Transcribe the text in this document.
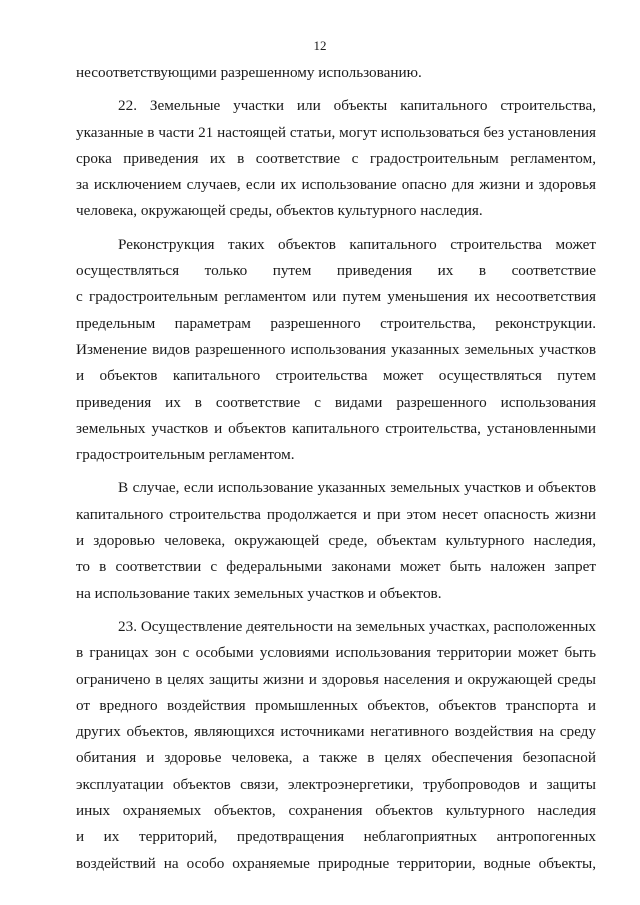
12
несоответствующими разрешенному использованию.
22. Земельные участки или объекты капитального строительства,
указанные в части 21 настоящей статьи, могут использоваться без установления
срока приведения их в соответствие с градостроительным регламентом,
за исключением случаев, если их использование опасно для жизни и здоровья
человека, окружающей среды, объектов культурного наследия.
Реконструкция таких объектов капитального строительства может
осуществляться только путем приведения их в соответствие
с градостроительным регламентом или путем уменьшения их несоответствия
предельным параметрам разрешенного строительства, реконструкции.
Изменение видов разрешенного использования указанных земельных участков
и объектов капитального строительства может осуществляться путем
приведения их в соответствие с видами разрешенного использования
земельных участков и объектов капитального строительства, установленными
градостроительным регламентом.
В случае, если использование указанных земельных участков и объектов
капитального строительства продолжается и при этом несет опасность жизни
и здоровью человека, окружающей среде, объектам культурного наследия,
то в соответствии с федеральными законами может быть наложен запрет
на использование таких земельных участков и объектов.
23. Осуществление деятельности на земельных участках, расположенных
в границах зон с особыми условиями использования территории может быть
ограничено в целях защиты жизни и здоровья населения и окружающей среды
от вредного воздействия промышленных объектов, объектов транспорта и
других объектов, являющихся источниками негативного воздействия на среду
обитания и здоровье человека, а также в целях обеспечения безопасной
эксплуатации объектов связи, электроэнергетики, трубопроводов и защиты
иных охраняемых объектов, сохранения объектов культурного наследия
и их территорий, предотвращения неблагоприятных антропогенных
воздействий на особо охраняемые природные территории, водные объекты,
